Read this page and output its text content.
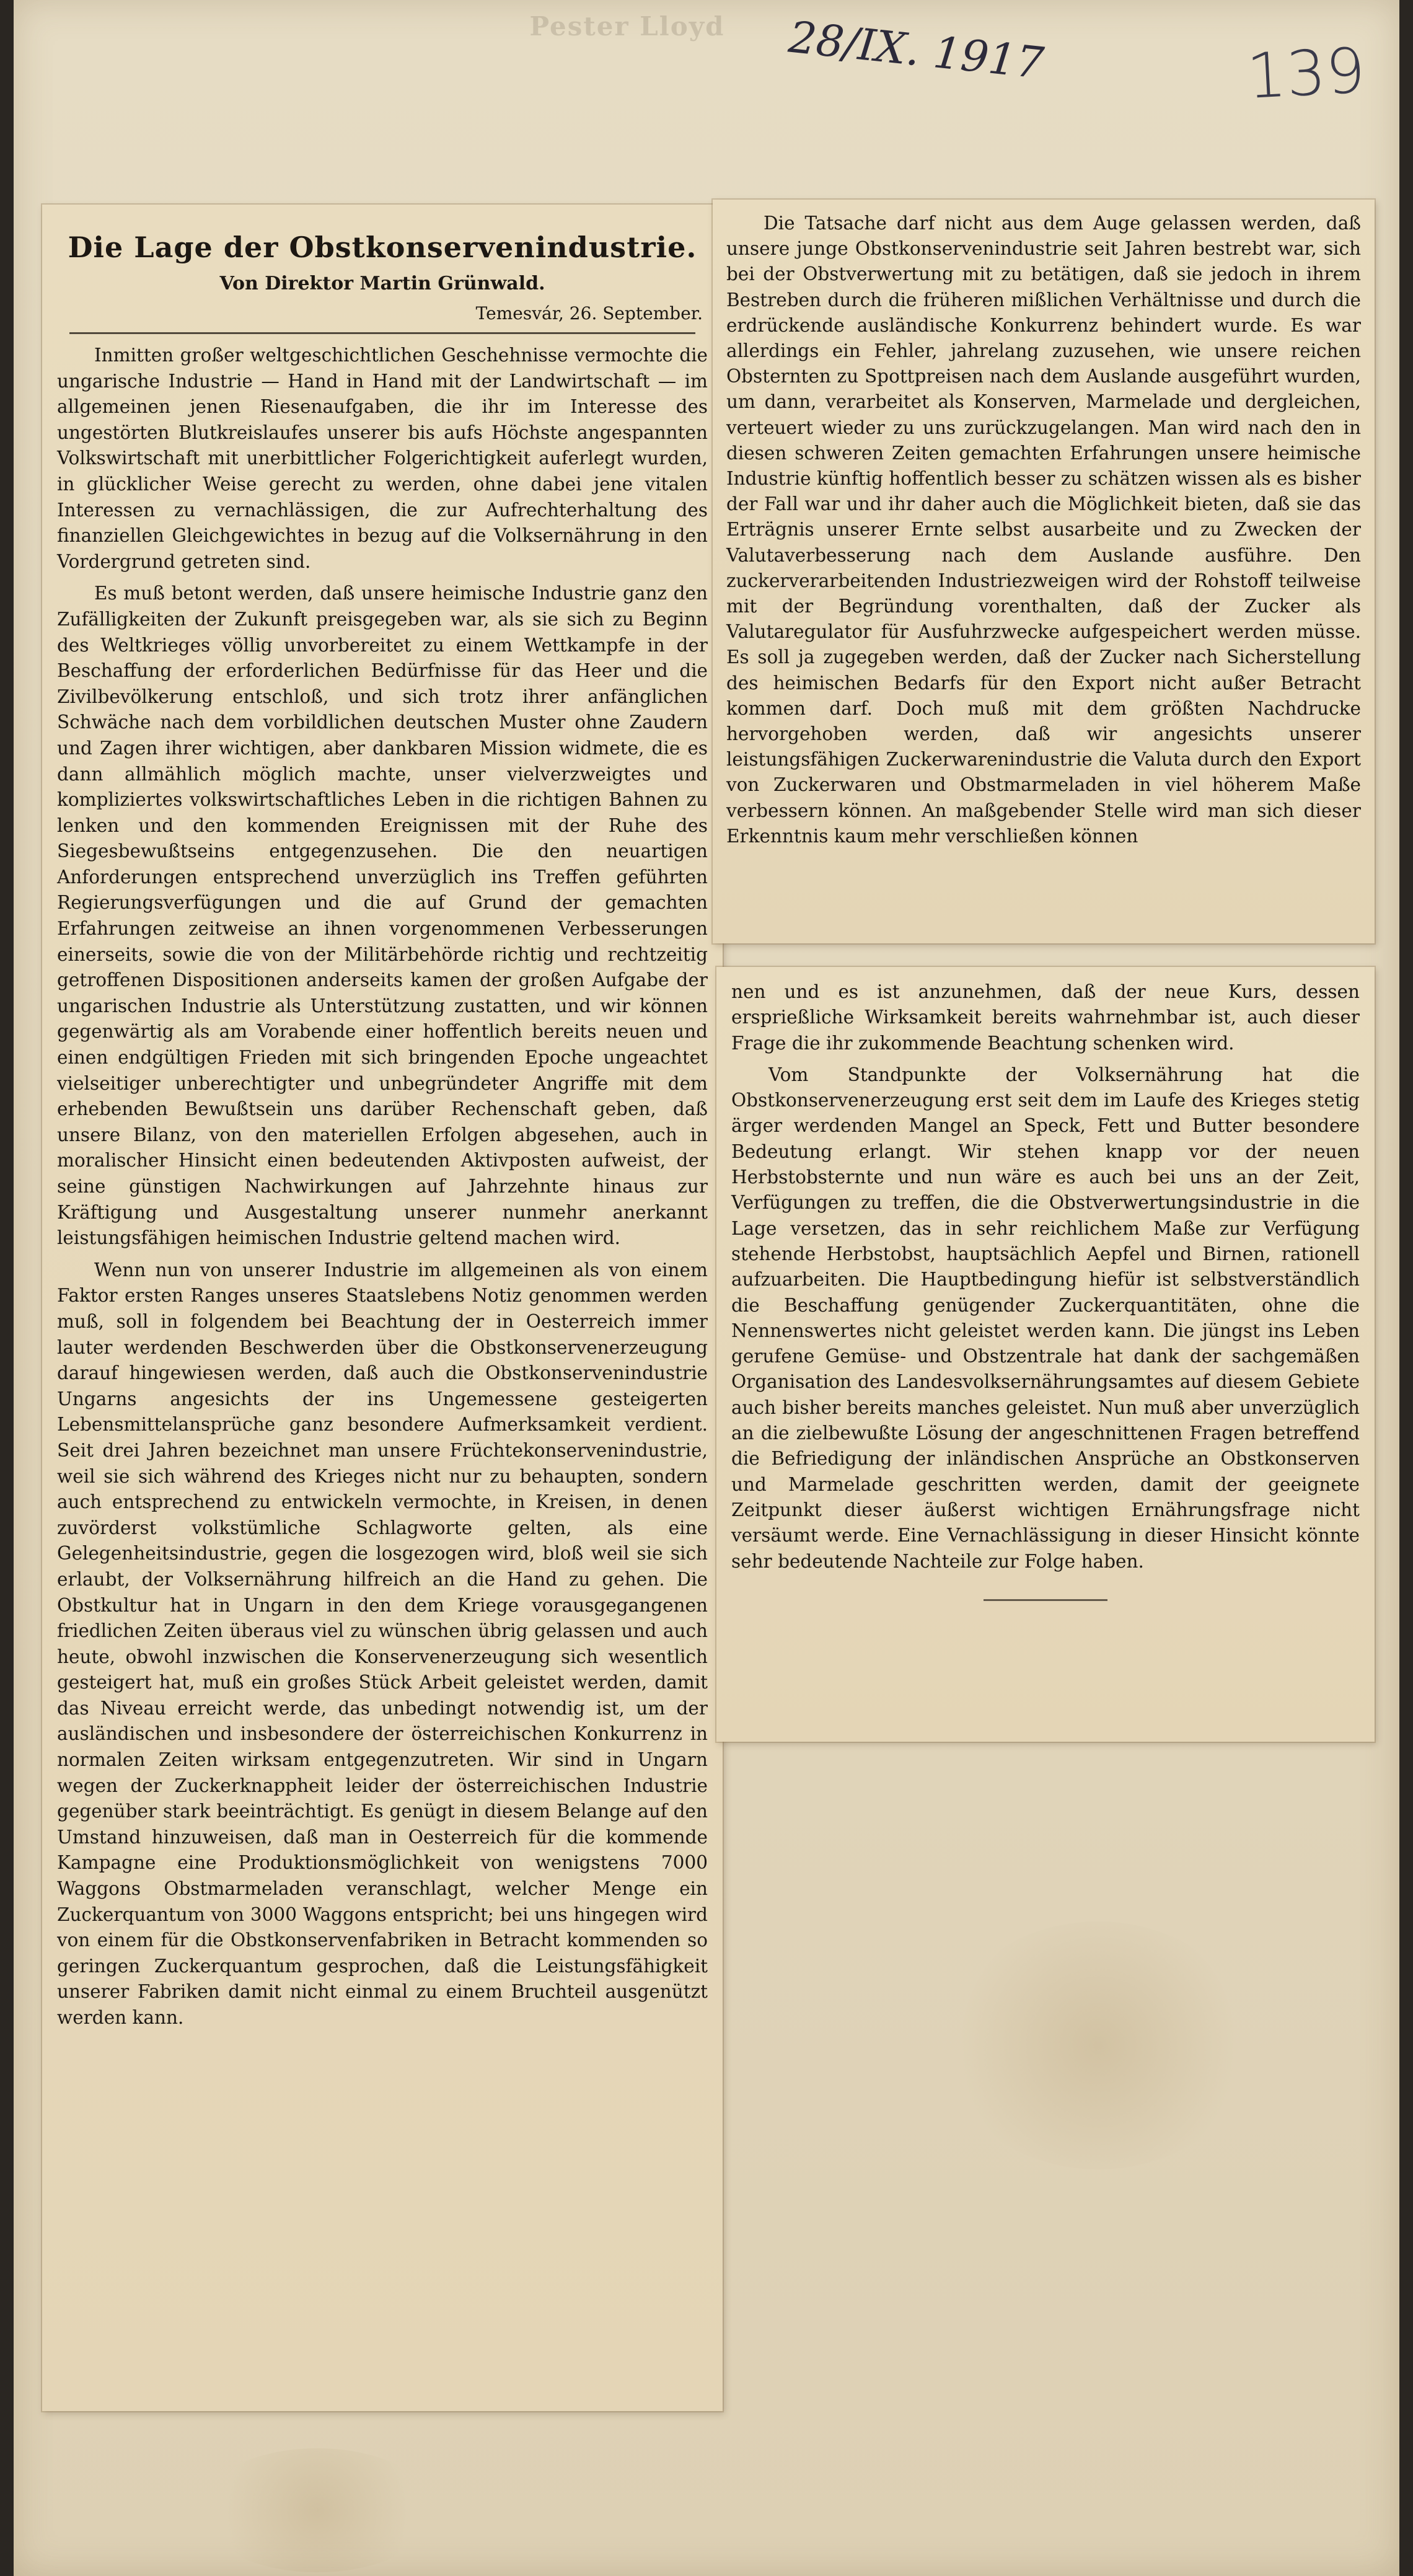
Pester Lloyd	28/IX. 1917	139
Die Lage der Obstkonservenindustrie.
Von Direktor Martin Grünwald.
Temesvár, 26. September.

Inmitten großer weltgeschichtlichen Geschehnisse vermochte die ungarische Industrie — Hand in Hand mit der Landwirtschaft — im allgemeinen jenen Riesenaufgaben, die ihr im Interesse des ungestörten Blutkreislaufes unserer bis aufs Höchste angespannten Volkswirtschaft mit unerbittlicher Folgerichtigkeit auferlegt wurden, in glücklicher Weise gerecht zu werden, ohne dabei jene vitalen Interessen zu vernachlässigen, die zur Aufrechterhaltung des finanziellen Gleichgewichtes in bezug auf die Volksernährung in den Vordergrund getreten sind.

Es muß betont werden, daß unsere heimische Industrie ganz den Zufälligkeiten der Zukunft preisgegeben war, als sie sich zu Beginn des Weltkrieges völlig unvorbereitet zu einem Wettkampfe in der Beschaffung der erforderlichen Bedürfnisse für das Heer und die Zivilbevölkerung entschloß, und sich trotz ihrer anfänglichen Schwäche nach dem vorbildlichen deutschen Muster ohne Zaudern und Zagen ihrer wichtigen, aber dankbaren Mission widmete, die es dann allmählich möglich machte, unser vielverzweigtes und kompliziertes volkswirtschaftliches Leben in die richtigen Bahnen zu lenken und den kommenden Ereignissen mit der Ruhe des Siegesbewußtseins entgegenzusehen. Die den neuartigen Anforderungen entsprechend unverzüglich ins Treffen geführten Regierungsverfügungen und die auf Grund der gemachten Erfahrungen zeitweise an ihnen vorgenommenen Verbesserungen einerseits, sowie die von der Militärbehörde richtig und rechtzeitig getroffenen Dispositionen anderseits kamen der großen Aufgabe der ungarischen Industrie als Unterstützung zustatten, und wir können gegenwärtig als am Vorabende einer hoffentlich bereits neuen und einen endgültigen Frieden mit sich bringenden Epoche ungeachtet vielseitiger unberechtigter und unbegründeter Angriffe mit dem erhebenden Bewußtsein uns darüber Rechenschaft geben, daß unsere Bilanz, von den materiellen Erfolgen abgesehen, auch in moralischer Hinsicht einen bedeutenden Aktivposten aufweist, der seine günstigen Nachwirkungen auf Jahrzehnte hinaus zur Kräftigung und Ausgestaltung unserer nunmehr anerkannt leistungsfähigen heimischen Industrie geltend machen wird.

Wenn nun von unserer Industrie im allgemeinen als von einem Faktor ersten Ranges unseres Staatslebens Notiz genommen werden muß, soll in folgendem bei Beachtung der in Oesterreich immer lauter werdenden Beschwerden über die Obstkonservenerzeugung darauf hingewiesen werden, daß auch die Obstkonservenindustrie Ungarns angesichts der ins Ungemessene gesteigerten Lebensmittelansprüche ganz besondere Aufmerksamkeit verdient. Seit drei Jahren bezeichnet man unsere Früchtekonservenindustrie, weil sie sich während des Krieges nicht nur zu behaupten, sondern auch entsprechend zu entwickeln vermochte, in Kreisen, in denen zuvörderst volkstümliche Schlagworte gelten, als eine Gelegenheitsindustrie, gegen die losgezogen wird, bloß weil sie sich erlaubt, der Volksernährung hilfreich an die Hand zu gehen. Die Obstkultur hat in Ungarn in den dem Kriege vorausgegangenen friedlichen Zeiten überaus viel zu wünschen übrig gelassen und auch heute, obwohl inzwischen die Konservenerzeugung sich wesentlich gesteigert hat, muß ein großes Stück Arbeit geleistet werden, damit das Niveau erreicht werde, das unbedingt notwendig ist, um der ausländischen und insbesondere der österreichischen Konkurrenz in normalen Zeiten wirksam entgegenzutreten. Wir sind in Ungarn wegen der Zuckerknappheit leider der österreichischen Industrie gegenüber stark beeinträchtigt. Es genügt in diesem Belange auf den Umstand hinzuweisen, daß man in Oesterreich für die kommende Kampagne eine Produktionsmöglichkeit von wenigstens 7000 Waggons Obstmarmeladen veranschlagt, welcher Menge ein Zuckerquantum von 3000 Waggons entspricht; bei uns hingegen wird von einem für die Obstkonservenfabriken in Betracht kommenden so geringen Zuckerquantum gesprochen, daß die Leistungsfähigkeit unserer Fabriken damit nicht einmal zu einem Bruchteil ausgenützt werden kann.

Die Tatsache darf nicht aus dem Auge gelassen werden, daß unsere junge Obstkonservenindustrie seit Jahren bestrebt war, sich bei der Obstverwertung mit zu betätigen, daß sie jedoch in ihrem Bestreben durch die früheren mißlichen Verhältnisse und durch die erdrückende ausländische Konkurrenz behindert wurde. Es war allerdings ein Fehler, jahrelang zuzusehen, wie unsere reichen Obsternten zu Spottpreisen nach dem Auslande ausgeführt wurden, um dann, verarbeitet als Konserven, Marmelade und dergleichen, verteuert wieder zu uns zurückzugelangen. Man wird nach den in diesen schweren Zeiten gemachten Erfahrungen unsere heimische Industrie künftig hoffentlich besser zu schätzen wissen als es bisher der Fall war und ihr daher auch die Möglichkeit bieten, daß sie das Erträgnis unserer Ernte selbst ausarbeite und zu Zwecken der Valutaverbesserung nach dem Auslande ausführe. Den zuckerverarbeitenden Industriezweigen wird der Rohstoff teilweise mit der Begründung vorenthalten, daß der Zucker als Valutaregulator für Ausfuhrzwecke aufgespeichert werden müsse. Es soll ja zugegeben werden, daß der Zucker nach Sicherstellung des heimischen Bedarfs für den Export nicht außer Betracht kommen darf. Doch muß mit dem größten Nachdrucke hervorgehoben werden, daß wir angesichts unserer leistungsfähigen Zuckerwarenindustrie die Valuta durch den Export von Zuckerwaren und Obstmarmeladen in viel höherem Maße verbessern können. An maßgebender Stelle wird man sich dieser Erkenntnis kaum mehr verschließen können

nen und es ist anzunehmen, daß der neue Kurs, dessen ersprießliche Wirksamkeit bereits wahrnehmbar ist, auch dieser Frage die ihr zukommende Beachtung schenken wird.

Vom Standpunkte der Volksernährung hat die Obstkonservenerzeugung erst seit dem im Laufe des Krieges stetig ärger werdenden Mangel an Speck, Fett und Butter besondere Bedeutung erlangt. Wir stehen knapp vor der neuen Herbstobsternte und nun wäre es auch bei uns an der Zeit, Verfügungen zu treffen, die die Obstverwertungsindustrie in die Lage versetzen, das in sehr reichlichem Maße zur Verfügung stehende Herbstobst, hauptsächlich Aepfel und Birnen, rationell aufzuarbeiten. Die Hauptbedingung hiefür ist selbstverständlich die Beschaffung genügender Zuckerquantitäten, ohne die Nennenswertes nicht geleistet werden kann. Die jüngst ins Leben gerufene Gemüse- und Obstzentrale hat dank der sachgemäßen Organisation des Landesvolksernährungsamtes auf diesem Gebiete auch bisher bereits manches geleistet. Nun muß aber unverzüglich an die zielbewußte Lösung der angeschnittenen Fragen betreffend die Befriedigung der inländischen Ansprüche an Obstkonserven und Marmelade geschritten werden, damit der geeignete Zeitpunkt dieser äußerst wichtigen Ernährungsfrage nicht versäumt werde. Eine Vernachlässigung in dieser Hinsicht könnte sehr bedeutende Nachteile zur Folge haben.
